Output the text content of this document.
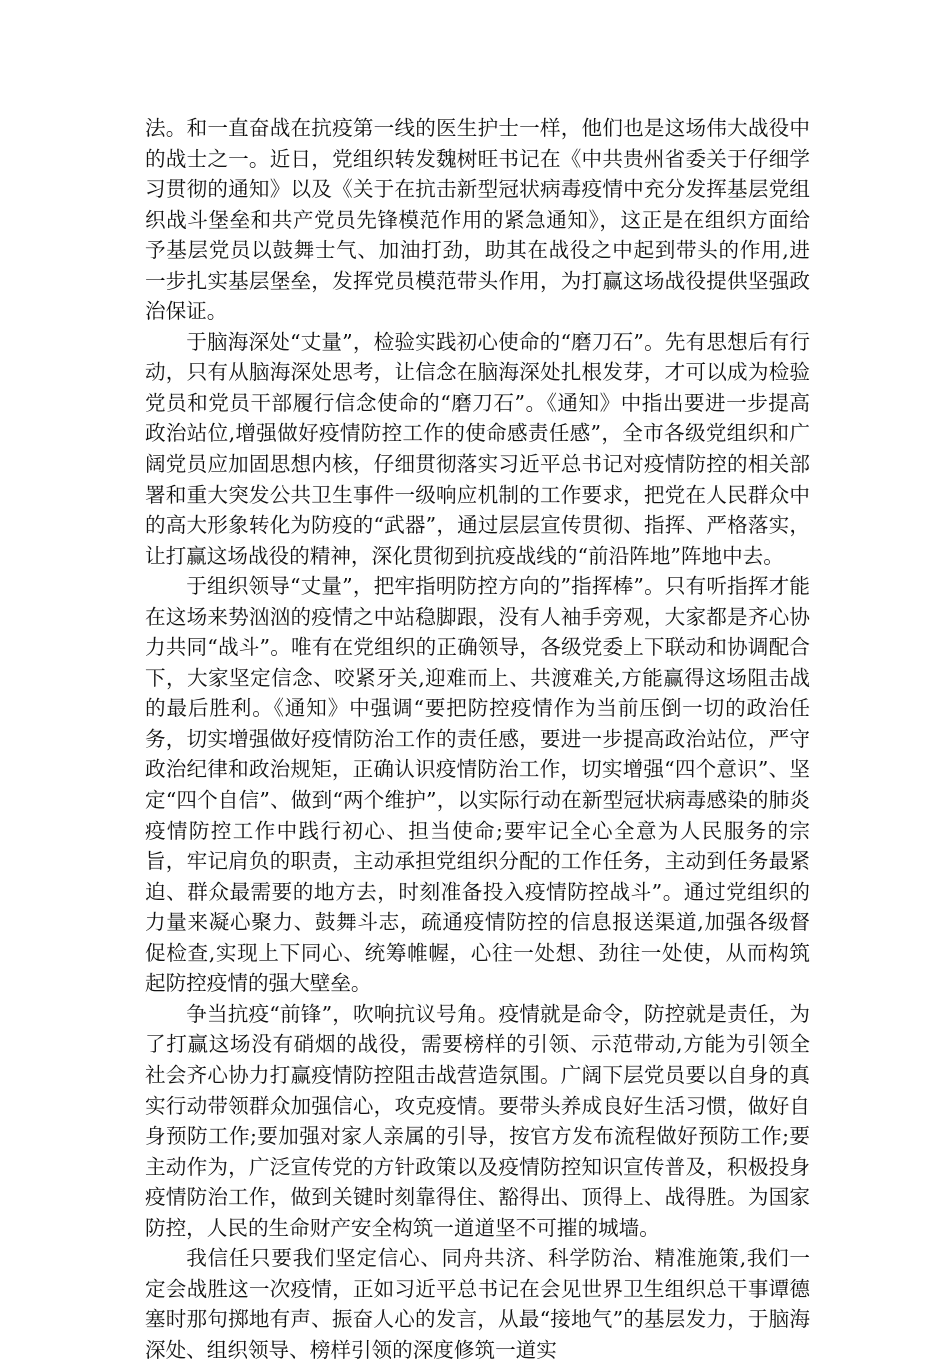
法。和一直奋战在抗疫第一线的医生护士一样，他们也是这场伟大战役中的战士之一。近日，党组织转发魏树旺书记在《中共贵州省委关于仔细学习贯彻的通知》以及《关于在抗击新型冠状病毒疫情中充分发挥基层党组织战斗堡垒和共产党员先锋模范作用的紧急通知》，这正是在组织方面给予基层党员以鼓舞士气、加油打劲，助其在战役之中起到带头的作用,进一步扎实基层堡垒，发挥党员模范带头作用，为打赢这场战役提供坚强政治保证。

于脑海深处“丈量”，检验实践初心使命的“磨刀石”。先有思想后有行动，只有从脑海深处思考，让信念在脑海深处扎根发芽，才可以成为检验党员和党员干部履行信念使命的“磨刀石”。《通知》中指出要进一步提高政治站位,增强做好疫情防控工作的使命感责任感”，全市各级党组织和广阔党员应加固思想内核，仔细贯彻落实习近平总书记对疫情防控的相关部署和重大突发公共卫生事件一级响应机制的工作要求，把党在人民群众中的高大形象转化为防疫的“武器”，通过层层宣传贯彻、指挥、严格落实，让打赢这场战役的精神，深化贯彻到抗疫战线的“前沿阵地”阵地中去。

于组织领导“丈量”，把牢指明防控方向的”指挥棒”。只有听指挥才能在这场来势汹汹的疫情之中站稳脚跟，没有人袖手旁观，大家都是齐心协力共同“战斗”。唯有在党组织的正确领导，各级党委上下联动和协调配合下，大家坚定信念、咬紧牙关,迎难而上、共渡难关,方能赢得这场阻击战的最后胜利。《通知》中强调“要把防控疫情作为当前压倒一切的政治任务，切实增强做好疫情防治工作的责任感，要进一步提高政治站位，严守政治纪律和政治规矩，正确认识疫情防治工作，切实增强“四个意识”、坚定“四个自信”、做到“两个维护”，以实际行动在新型冠状病毒感染的肺炎疫情防控工作中践行初心、担当使命;要牢记全心全意为人民服务的宗旨，牢记肩负的职责，主动承担党组织分配的工作任务，主动到任务最紧迫、群众最需要的地方去，时刻准备投入疫情防控战斗”。通过党组织的力量来凝心聚力、鼓舞斗志，疏通疫情防控的信息报送渠道,加强各级督促检查,实现上下同心、统筹帷幄，心往一处想、劲往一处使，从而构筑起防控疫情的强大壁垒。

争当抗疫“前锋”，吹响抗议号角。疫情就是命令，防控就是责任，为了打赢这场没有硝烟的战役，需要榜样的引领、示范带动,方能为引领全社会齐心协力打赢疫情防控阻击战营造氛围。广阔下层党员要以自身的真实行动带领群众加强信心，攻克疫情。要带头养成良好生活习惯，做好自身预防工作;要加强对家人亲属的引导，按官方发布流程做好预防工作;要主动作为，广泛宣传党的方针政策以及疫情防控知识宣传普及，积极投身疫情防治工作，做到关键时刻靠得住、豁得出、顶得上、战得胜。为国家防控，人民的生命财产安全构筑一道道坚不可摧的城墙。

我信任只要我们坚定信心、同舟共济、科学防治、精准施策,我们一定会战胜这一次疫情，正如习近平总书记在会见世界卫生组织总干事谭德塞时那句掷地有声、振奋人心的发言，从最“接地气”的基层发力，于脑海深处、组织领导、榜样引领的深度修筑一道实
